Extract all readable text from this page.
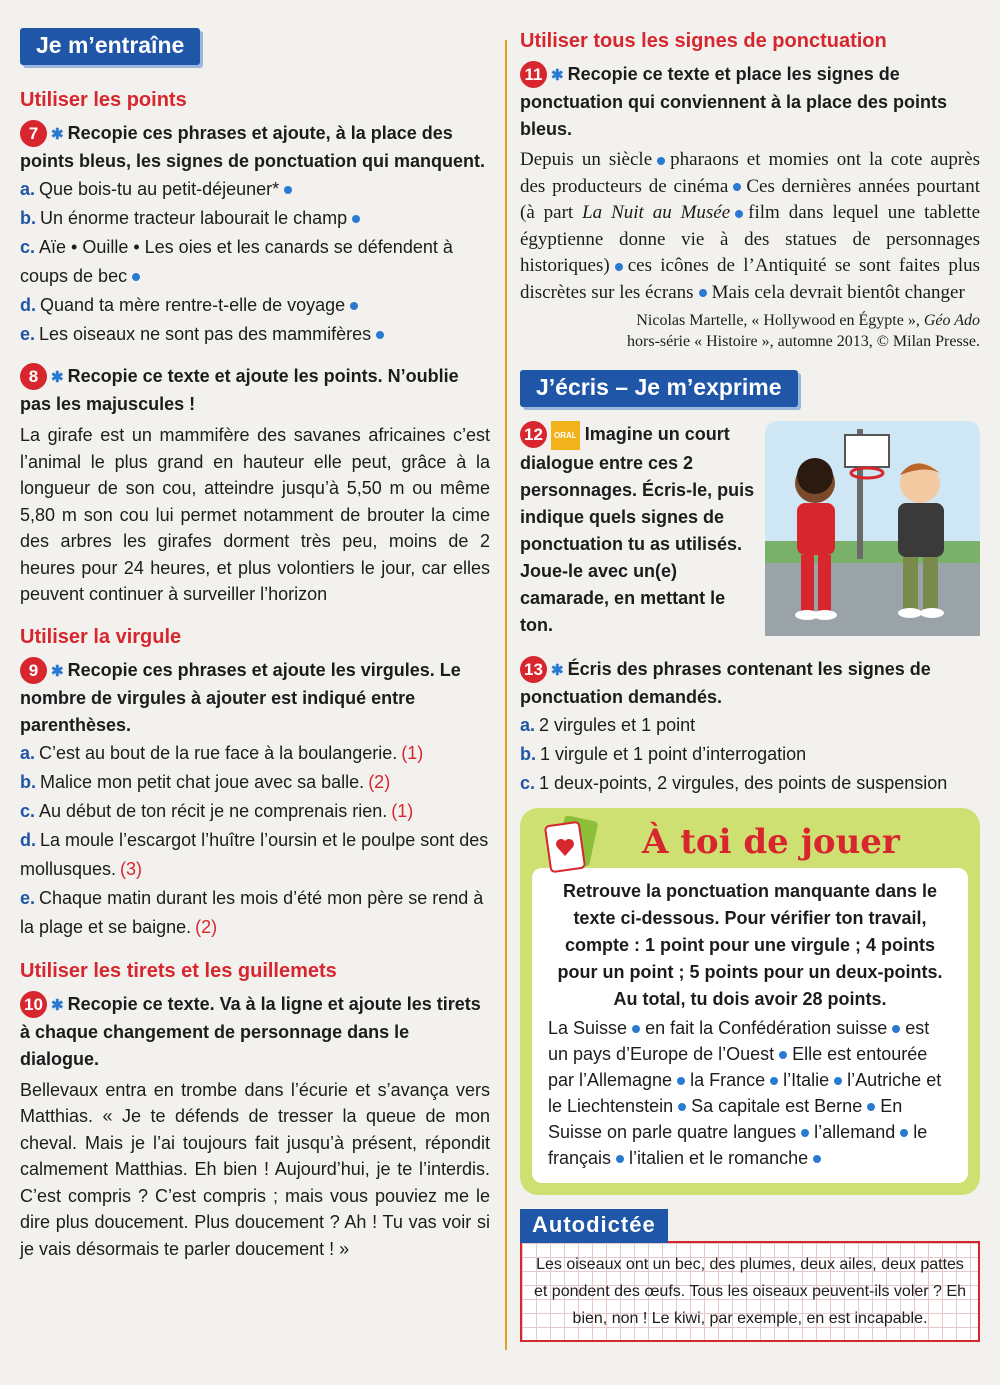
Je m’entraîne
Utiliser les points
7 ✱ Recopie ces phrases et ajoute, à la place des points bleus, les signes de ponctuation qui manquent.
a. Que bois-tu au petit-déjeuner*
b. Un énorme tracteur labourait le champ
c. Aïe • Ouille • Les oies et les canards se défendent à coups de bec
d. Quand ta mère rentre-t-elle de voyage
e. Les oiseaux ne sont pas des mammifères
8 ✱ Recopie ce texte et ajoute les points. N’oublie pas les majuscules !
La girafe est un mammifère des savanes africaines c’est l’animal le plus grand en hauteur elle peut, grâce à la longueur de son cou, atteindre jusqu’à 5,50 m ou même 5,80 m son cou lui permet notamment de brouter la cime des arbres les girafes dorment très peu, moins de 2 heures pour 24 heures, et plus volontiers le jour, car elles peuvent continuer à surveiller l’horizon
Utiliser la virgule
9 ✱ Recopie ces phrases et ajoute les virgules. Le nombre de virgules à ajouter est indiqué entre parenthèses.
a. C’est au bout de la rue face à la boulangerie. (1)
b. Malice mon petit chat joue avec sa balle. (2)
c. Au début de ton récit je ne comprenais rien. (1)
d. La moule l’escargot l’huître l’oursin et le poulpe sont des mollusques. (3)
e. Chaque matin durant les mois d’été mon père se rend à la plage et se baigne. (2)
Utiliser les tirets et les guillemets
10 ✱ Recopie ce texte. Va à la ligne et ajoute les tirets à chaque changement de personnage dans le dialogue.
Bellevaux entra en trombe dans l’écurie et s’avança vers Matthias. « Je te défends de tresser la queue de mon cheval. Mais je l’ai toujours fait jusqu’à présent, répondit calmement Matthias. Eh bien ! Aujourd’hui, je te l’interdis. C’est compris ? C’est compris ; mais vous pouviez me le dire plus doucement. Plus doucement ? Ah ! Tu vas voir si je vais désormais te parler doucement ! »
Utiliser tous les signes de ponctuation
11 ✱ Recopie ce texte et place les signes de ponctuation qui conviennent à la place des points bleus.
Depuis un siècle pharaons et momies ont la cote auprès des producteurs de cinéma Ces dernières années pourtant (à part La Nuit au Musée film dans lequel une tablette égyptienne donne vie à des statues de personnages historiques) ces icônes de l’Antiquité se sont faites plus discrètes sur les écrans Mais cela devrait bientôt changer
Nicolas Martelle, « Hollywood en Égypte », Géo Ado
hors-série « Histoire », automne 2013, © Milan Presse.
J’écris – Je m’exprime
12 ORAL Imagine un court dialogue entre ces 2 personnages. Écris-le, puis indique quels signes de ponctuation tu as utilisés. Joue-le avec un(e) camarade, en mettant le ton.
13 ✱ Écris des phrases contenant les signes de ponctuation demandés.
a. 2 virgules et 1 point
b. 1 virgule et 1 point d’interrogation
c. 1 deux-points, 2 virgules, des points de suspension
À toi de jouer
Retrouve la ponctuation manquante dans le texte ci-dessous. Pour vérifier ton travail, compte : 1 point pour une virgule ; 4 points pour un point ; 5 points pour un deux-points. Au total, tu dois avoir 28 points.
La Suisse en fait la Confédération suisse est un pays d’Europe de l’Ouest Elle est entourée par l’Allemagne la France l’Italie l’Autriche et le Liechtenstein Sa capitale est Berne En Suisse on parle quatre langues l’allemand le français l’italien et le romanche
Autodictée
Les oiseaux ont un bec, des plumes, deux ailes, deux pattes et pondent des œufs. Tous les oiseaux peuvent-ils voler ? Eh bien, non ! Le kiwi, par exemple, en est incapable.
